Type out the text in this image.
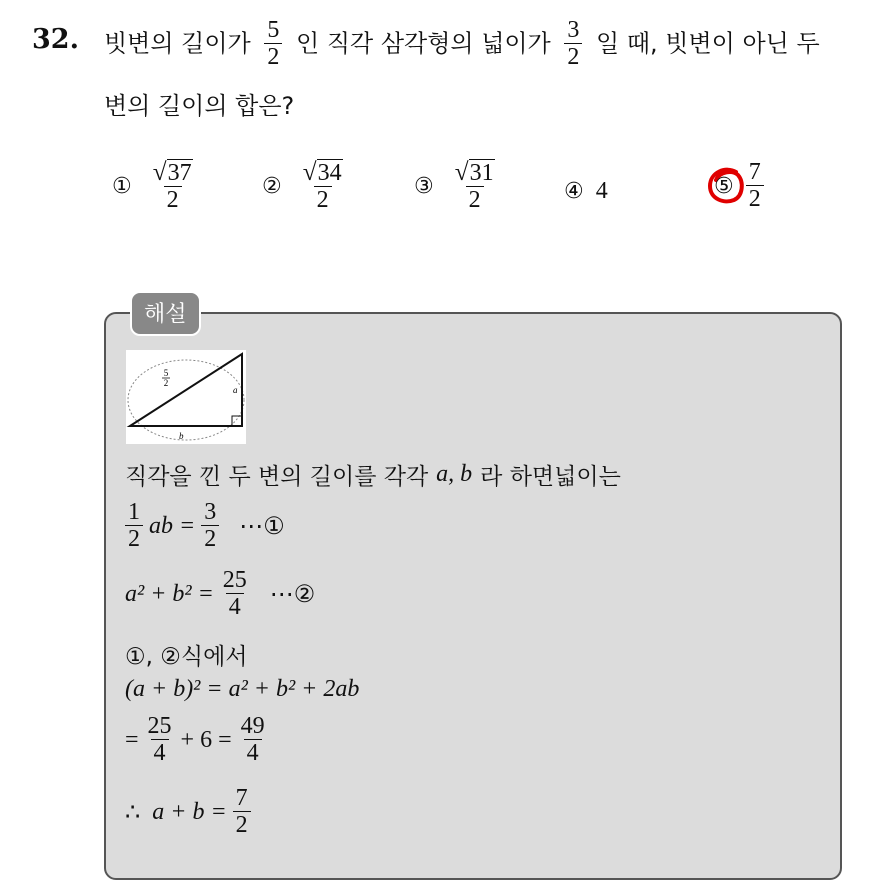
32. 빗변의 길이가 $\frac{5}{2}$ 인 직각 삼각형의 넓이가 $\frac{3}{2}$ 일 때, 빗변이 아닌 두
변의 길이의 합은?
① $\frac{√37}{2}$	② $\frac{√34}{2}$	③ $\frac{√31}{2}$	④ 4	⑤ $\frac{7}{2}$
해설
5
2
a
b
직각을 낀 두 변의 길이를 각각 a, b 라 하면넓이는
$\frac{1}{2}$ ab = $\frac{3}{2}$ ⋯①
$a^2 + b^2 = \frac{25}{4}$ ⋯②
①, ②식에서
(a + b)² = a² + b² + 2ab
= $\frac{25}{4} + 6 = \frac{49}{4}$
∴ $a + b = \frac{7}{2}$
